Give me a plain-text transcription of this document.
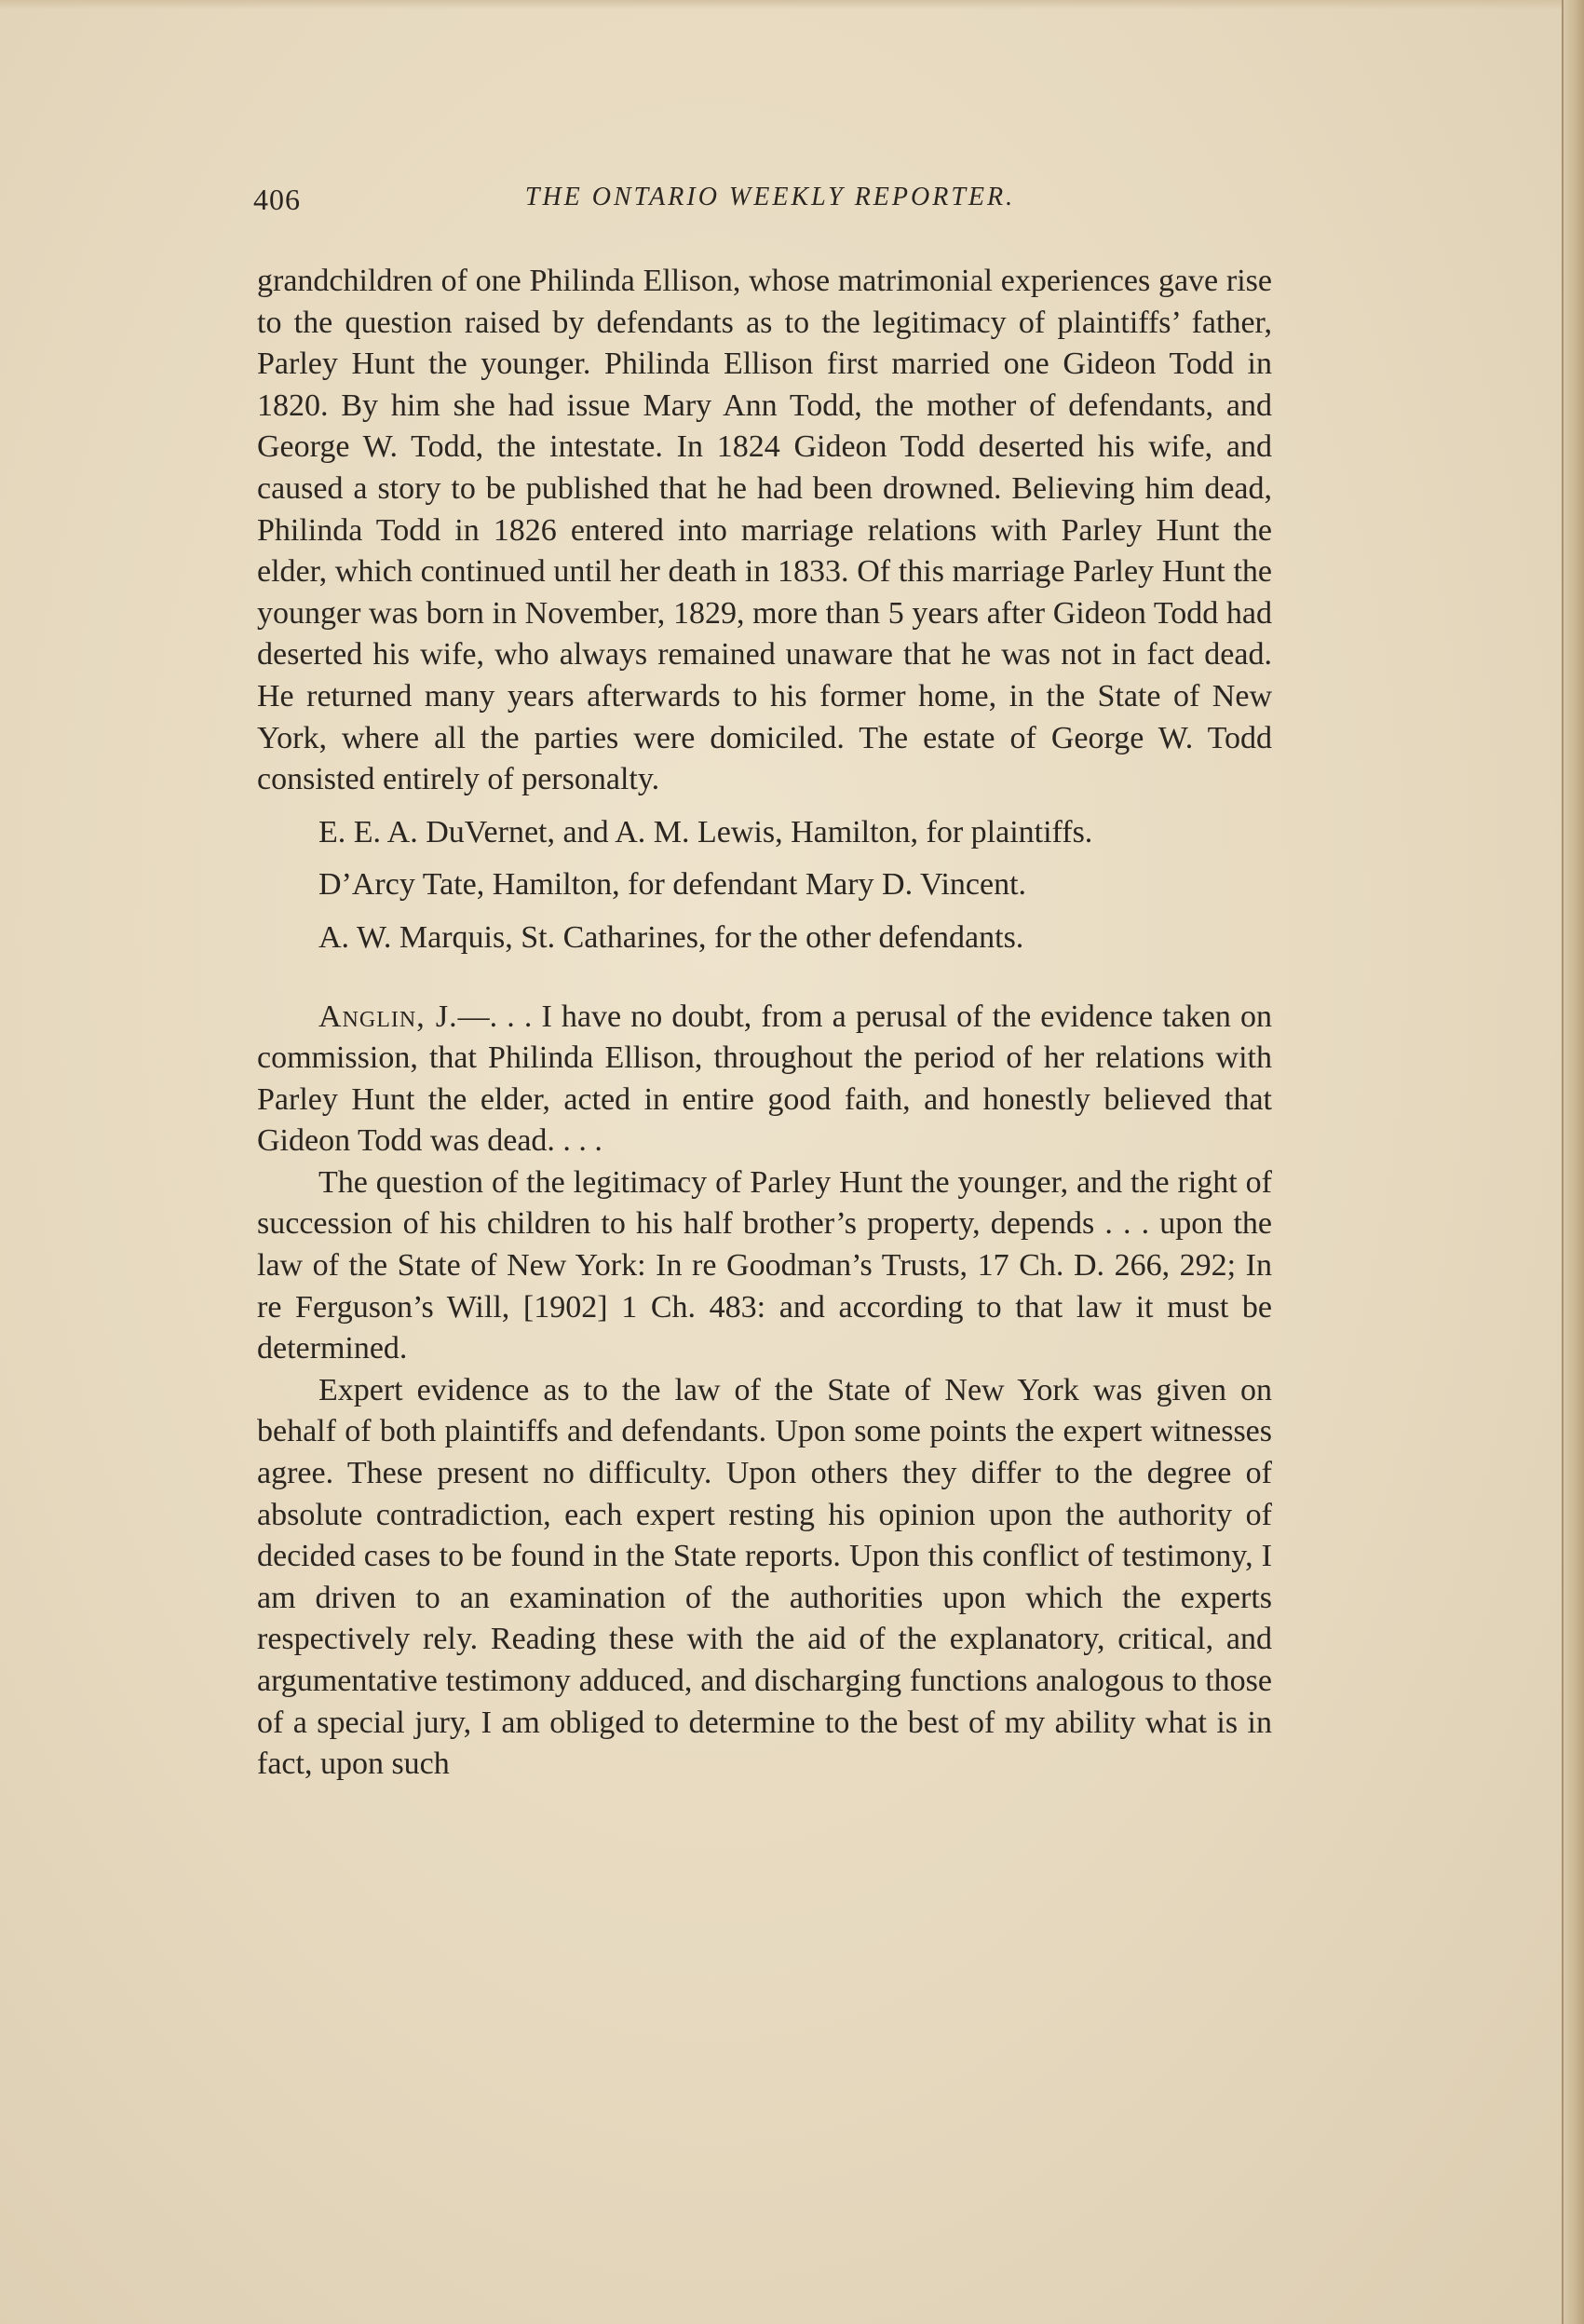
406	THE ONTARIO WEEKLY REPORTER.

grandchildren of one Philinda Ellison, whose matrimonial experiences gave rise to the question raised by defendants as to the legitimacy of plaintiffs’ father, Parley Hunt the younger. Philinda Ellison first married one Gideon Todd in 1820. By him she had issue Mary Ann Todd, the mother of defendants, and George W. Todd, the intestate. In 1824 Gideon Todd deserted his wife, and caused a story to be published that he had been drowned. Believing him dead, Philinda Todd in 1826 entered into marriage relations with Parley Hunt the elder, which continued until her death in 1833. Of this marriage Parley Hunt the younger was born in November, 1829, more than 5 years after Gideon Todd had deserted his wife, who always remained unaware that he was not in fact dead. He returned many years afterwards to his former home, in the State of New York, where all the parties were domiciled. The estate of George W. Todd consisted entirely of personalty.

E. E. A. DuVernet, and A. M. Lewis, Hamilton, for plaintiffs.

D’Arcy Tate, Hamilton, for defendant Mary D. Vincent.

A. W. Marquis, St. Catharines, for the other defendants.

Anglin, J.—. . . I have no doubt, from a perusal of the evidence taken on commission, that Philinda Ellison, throughout the period of her relations with Parley Hunt the elder, acted in entire good faith, and honestly believed that Gideon Todd was dead. . . .

The question of the legitimacy of Parley Hunt the younger, and the right of succession of his children to his half brother’s property, depends . . . upon the law of the State of New York: In re Goodman’s Trusts, 17 Ch. D. 266, 292; In re Ferguson’s Will, [1902] 1 Ch. 483: and according to that law it must be determined.

Expert evidence as to the law of the State of New York was given on behalf of both plaintiffs and defendants. Upon some points the expert witnesses agree. These present no difficulty. Upon others they differ to the degree of absolute contradiction, each expert resting his opinion upon the authority of decided cases to be found in the State reports. Upon this conflict of testimony, I am driven to an examination of the authorities upon which the experts respectively rely. Reading these with the aid of the explanatory, critical, and argumentative testimony adduced, and discharging functions analogous to those of a special jury, I am obliged to determine to the best of my ability what is in fact, upon such
